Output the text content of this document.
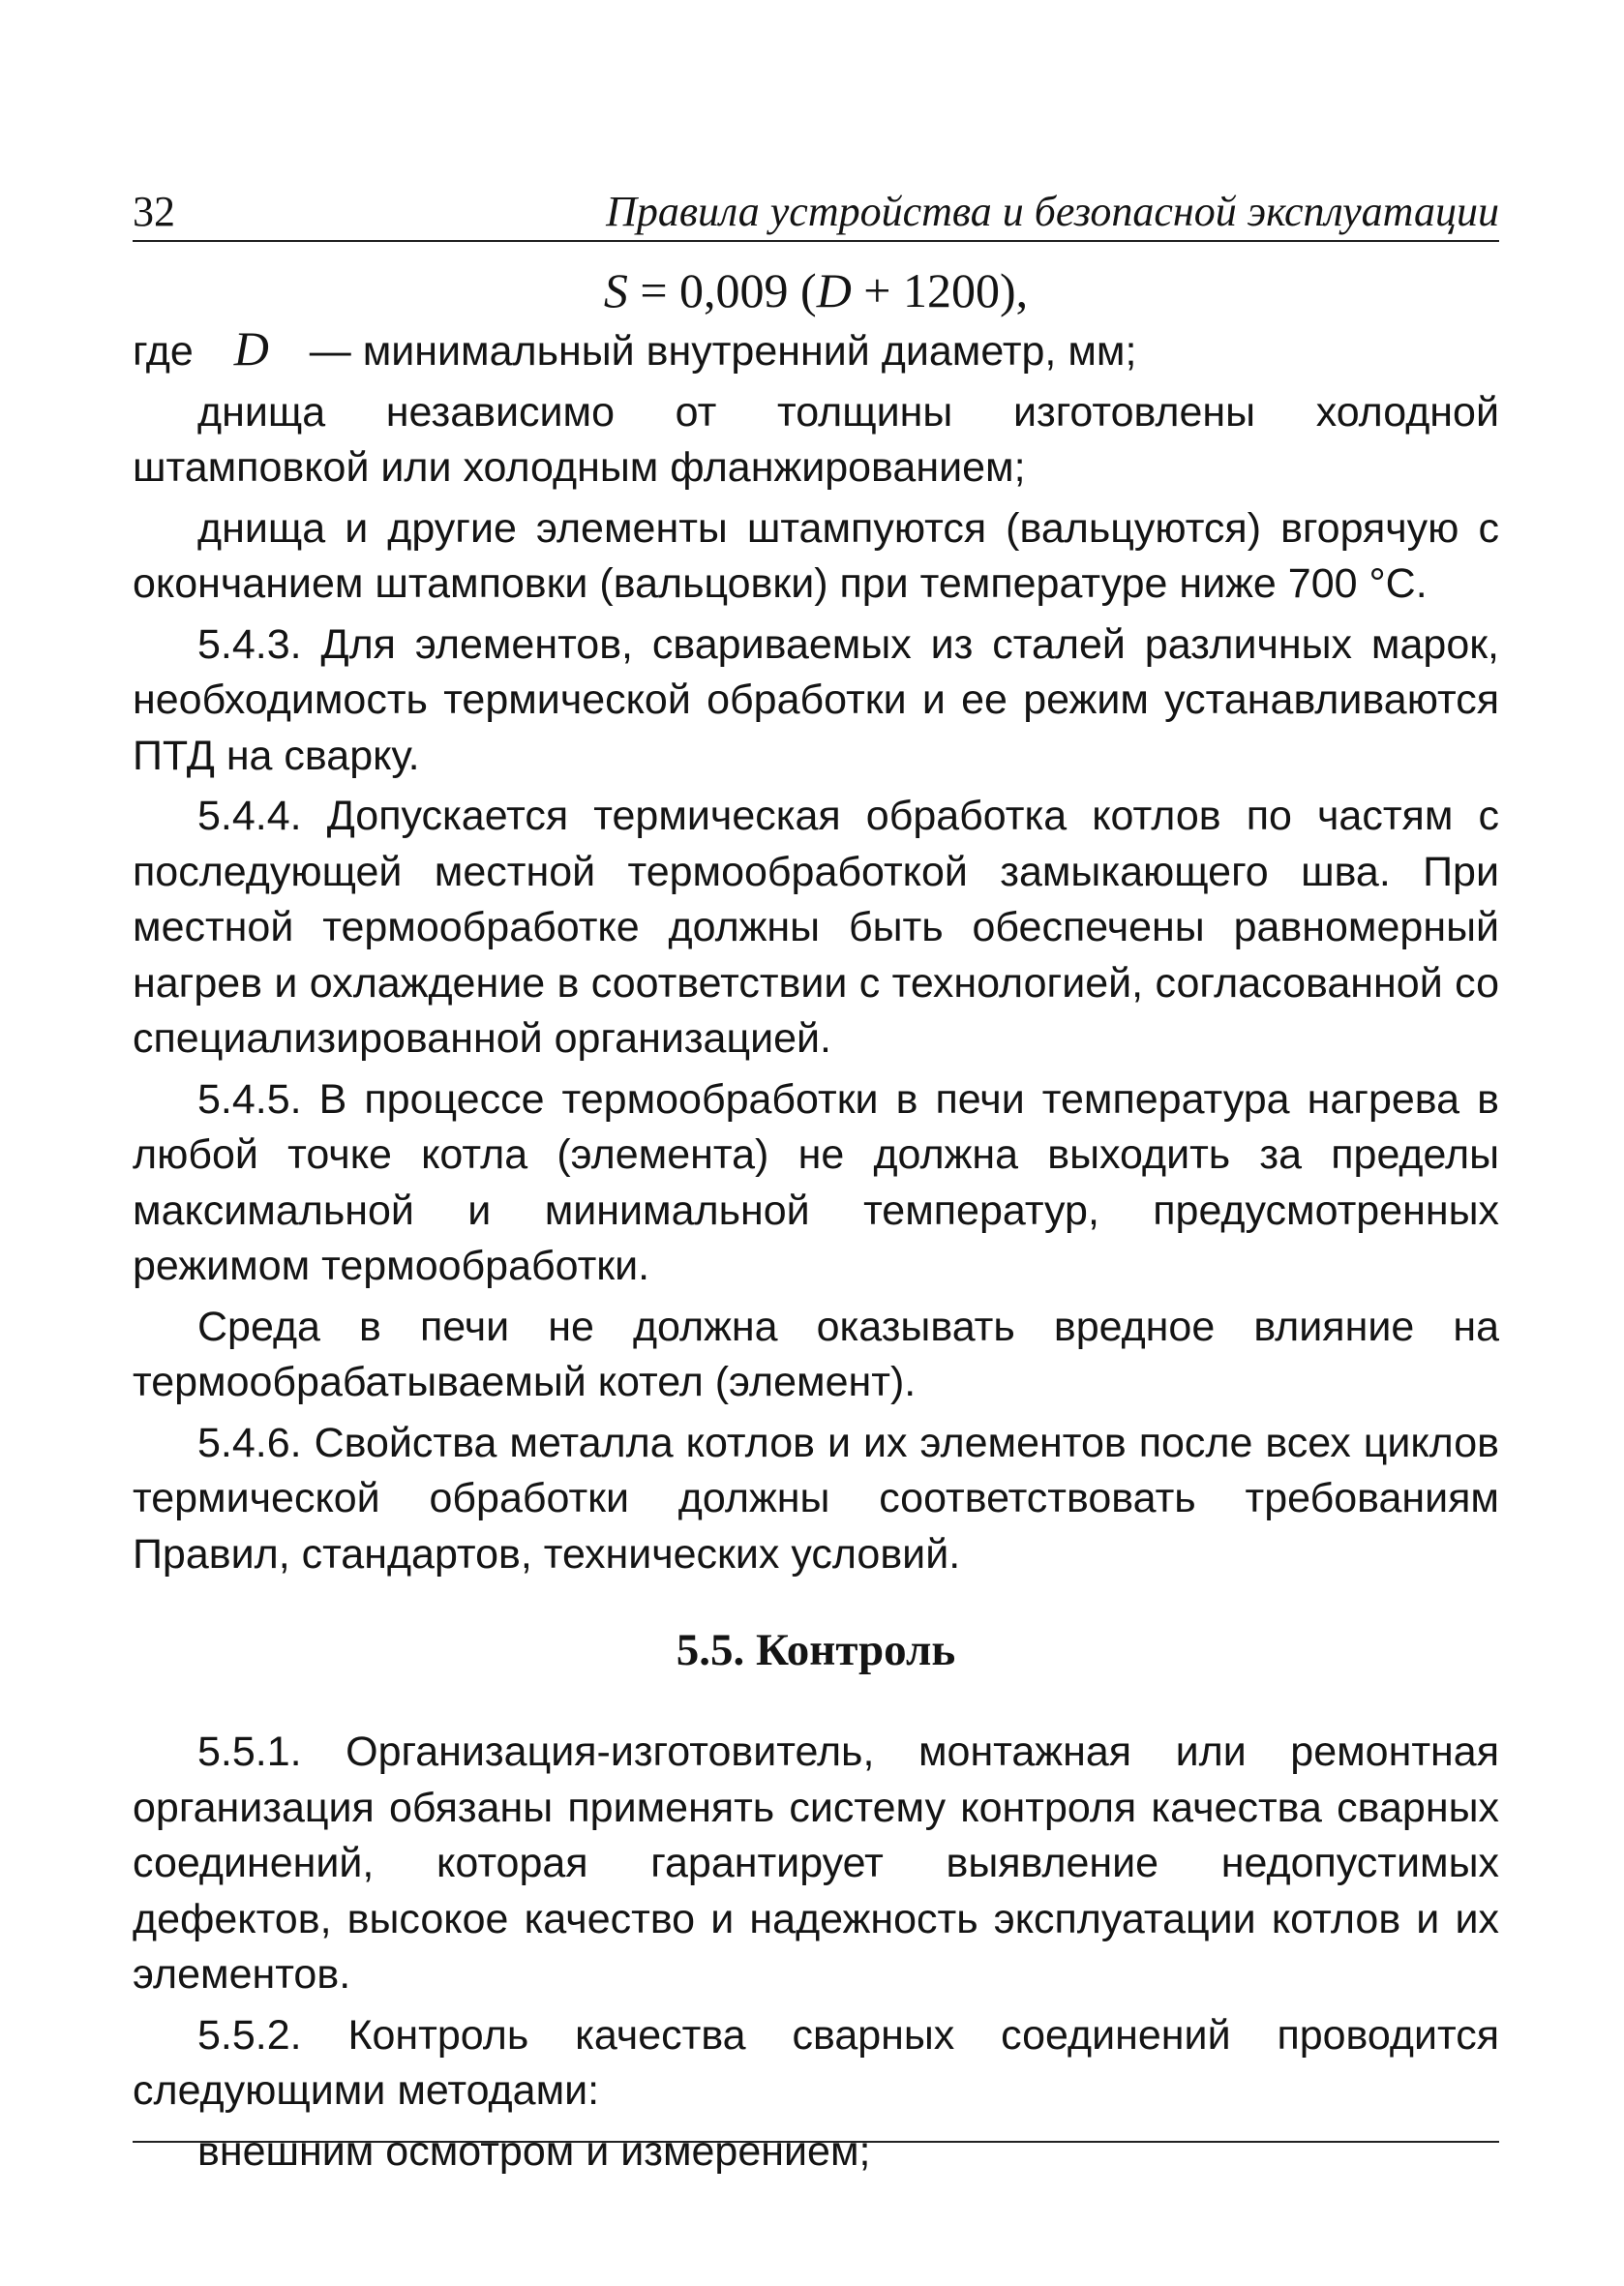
32	Правила устройства и безопасной эксплуатации
S = 0,009 (D + 1200),

где D — минимальный внутренний диаметр, мм;

днища независимо от толщины изготовлены холодной штамповкой или холодным фланжированием;

днища и другие элементы штампуются (вальцуются) вгорячую с окончанием штамповки (вальцовки) при температуре ниже 700 °С.

5.4.3. Для элементов, свариваемых из сталей различных марок, необходимость термической обработки и ее режим устанавливаются ПТД на сварку.

5.4.4. Допускается термическая обработка котлов по частям с последующей местной термообработкой замыкающего шва. При местной термообработке должны быть обеспечены равномерный нагрев и охлаждение в соответствии с технологией, согласованной со специализированной организацией.

5.4.5. В процессе термообработки в печи температура нагрева в любой точке котла (элемента) не должна выходить за пределы максимальной и минимальной температур, предусмотренных режимом термообработки.

Среда в печи не должна оказывать вредное влияние на термообрабатываемый котел (элемент).

5.4.6. Свойства металла котлов и их элементов после всех циклов термической обработки должны соответствовать требованиям Правил, стандартов, технических условий.

5.5. Контроль

5.5.1. Организация-изготовитель, монтажная или ремонтная организация обязаны применять систему контроля качества сварных соединений, которая гарантирует выявление недопустимых дефектов, высокое качество и надежность эксплуатации котлов и их элементов.

5.5.2. Контроль качества сварных соединений проводится следующими методами:

внешним осмотром и измерением;
